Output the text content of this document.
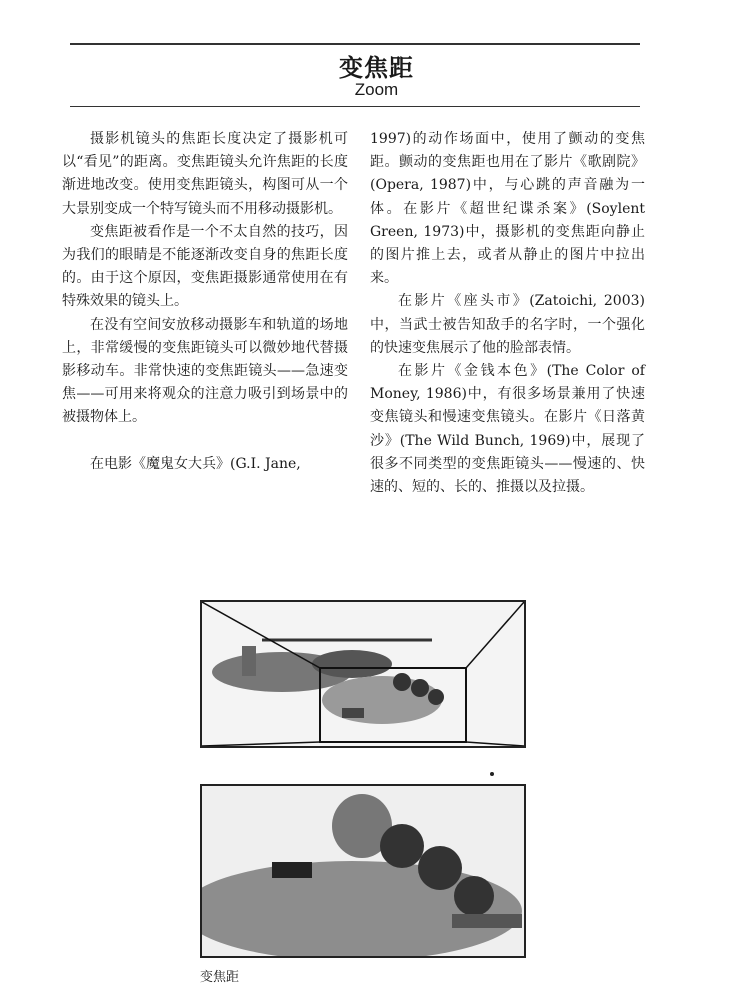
变焦距
Zoom

摄影机镜头的焦距长度决定了摄影机可以“看见”的距离。变焦距镜头允许焦距的长度渐进地改变。使用变焦距镜头，构图可从一个大景别变成一个特写镜头而不用移动摄影机。

变焦距被看作是一个不太自然的技巧，因为我们的眼睛是不能逐渐改变自身的焦距长度的。由于这个原因，变焦距摄影通常使用在有特殊效果的镜头上。

在没有空间安放移动摄影车和轨道的场地上，非常缓慢的变焦距镜头可以微妙地代替摄影移动车。非常快速的变焦距镜头——急速变焦——可用来将观众的注意力吸引到场景中的被摄物体上。

在电影《魔鬼女大兵》(G.I. Jane,

1997)的动作场面中，使用了颤动的变焦距。颤动的变焦距也用在了影片《歌剧院》(Opera, 1987)中，与心跳的声音融为一体。在影片《超世纪谍杀案》(Soylent Green, 1973)中，摄影机的变焦距向静止的图片推上去，或者从静止的图片中拉出来。

在影片《座头市》(Zatoichi, 2003)中，当武士被告知敌手的名字时，一个强化的快速变焦展示了他的脸部表情。

在影片《金钱本色》(The Color of Money, 1986)中，有很多场景兼用了快速变焦镜头和慢速变焦镜头。在影片《日落黄沙》(The Wild Bunch, 1969)中，展现了很多不同类型的变焦距镜头——慢速的、快速的、短的、长的、推摄以及拉摄。

变焦距
